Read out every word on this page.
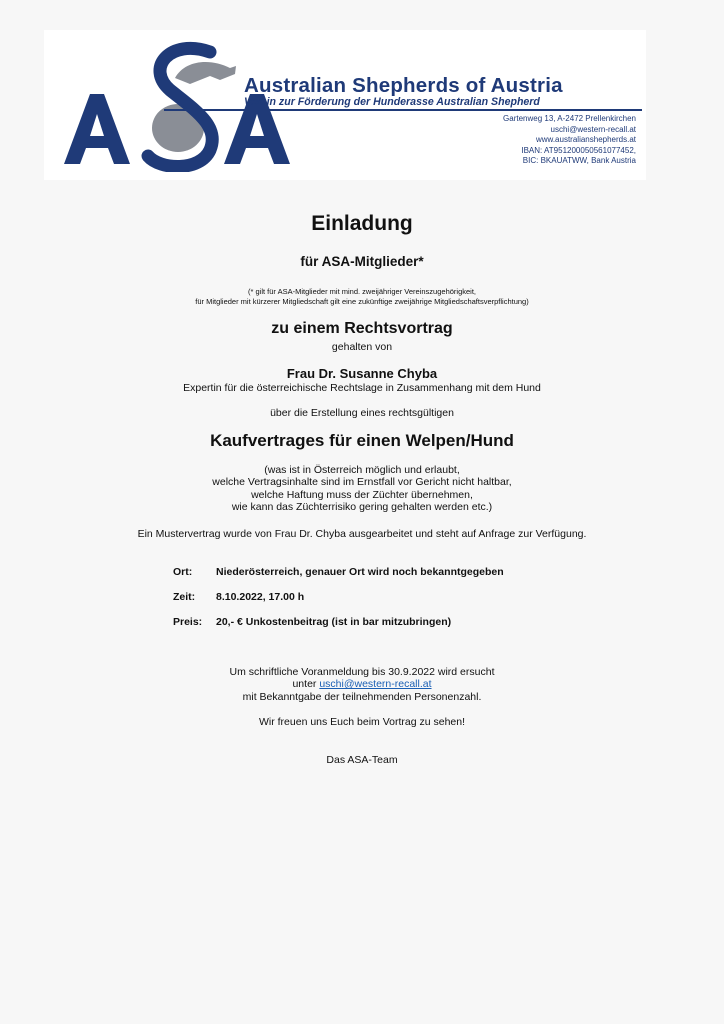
Australian Shepherds of Austria
Verein zur Förderung der Hunderasse Australian Shepherd
Gartenweg 13, A-2472 Prellenkirchen
uschi@western-recall.at
www.australianshepherds.at
IBAN: AT951200050561077452,
BIC: BKAUATWW, Bank Austria
Einladung
für ASA-Mitglieder*
(* gilt für ASA-Mitglieder mit mind. zweijähriger Vereinszugehörigkeit,
für Mitglieder mit kürzerer Mitgliedschaft gilt eine zukünftige zweijährige Mitgliedschaftsverpflichtung)
zu einem Rechtsvortrag
gehalten von
Frau Dr. Susanne Chyba
Expertin für die österreichische Rechtslage in Zusammenhang mit dem Hund
über die Erstellung eines rechtsgültigen
Kaufvertrages für einen Welpen/Hund
(was ist in Österreich möglich und erlaubt,
welche Vertragsinhalte sind im Ernstfall vor Gericht nicht haltbar,
welche Haftung muss der Züchter übernehmen,
wie kann das Züchterrisiko gering gehalten werden etc.)
Ein Mustervertrag wurde von Frau Dr. Chyba ausgearbeitet und steht auf Anfrage zur Verfügung.
Ort: Niederösterreich, genauer Ort wird noch bekanntgegeben
Zeit: 8.10.2022, 17.00 h
Preis: 20,- € Unkostenbeitrag (ist in bar mitzubringen)
Um schriftliche Voranmeldung bis 30.9.2022 wird ersucht
unter uschi@western-recall.at
mit Bekanntgabe der teilnehmenden Personenzahl.
Wir freuen uns Euch beim Vortrag zu sehen!
Das ASA-Team
